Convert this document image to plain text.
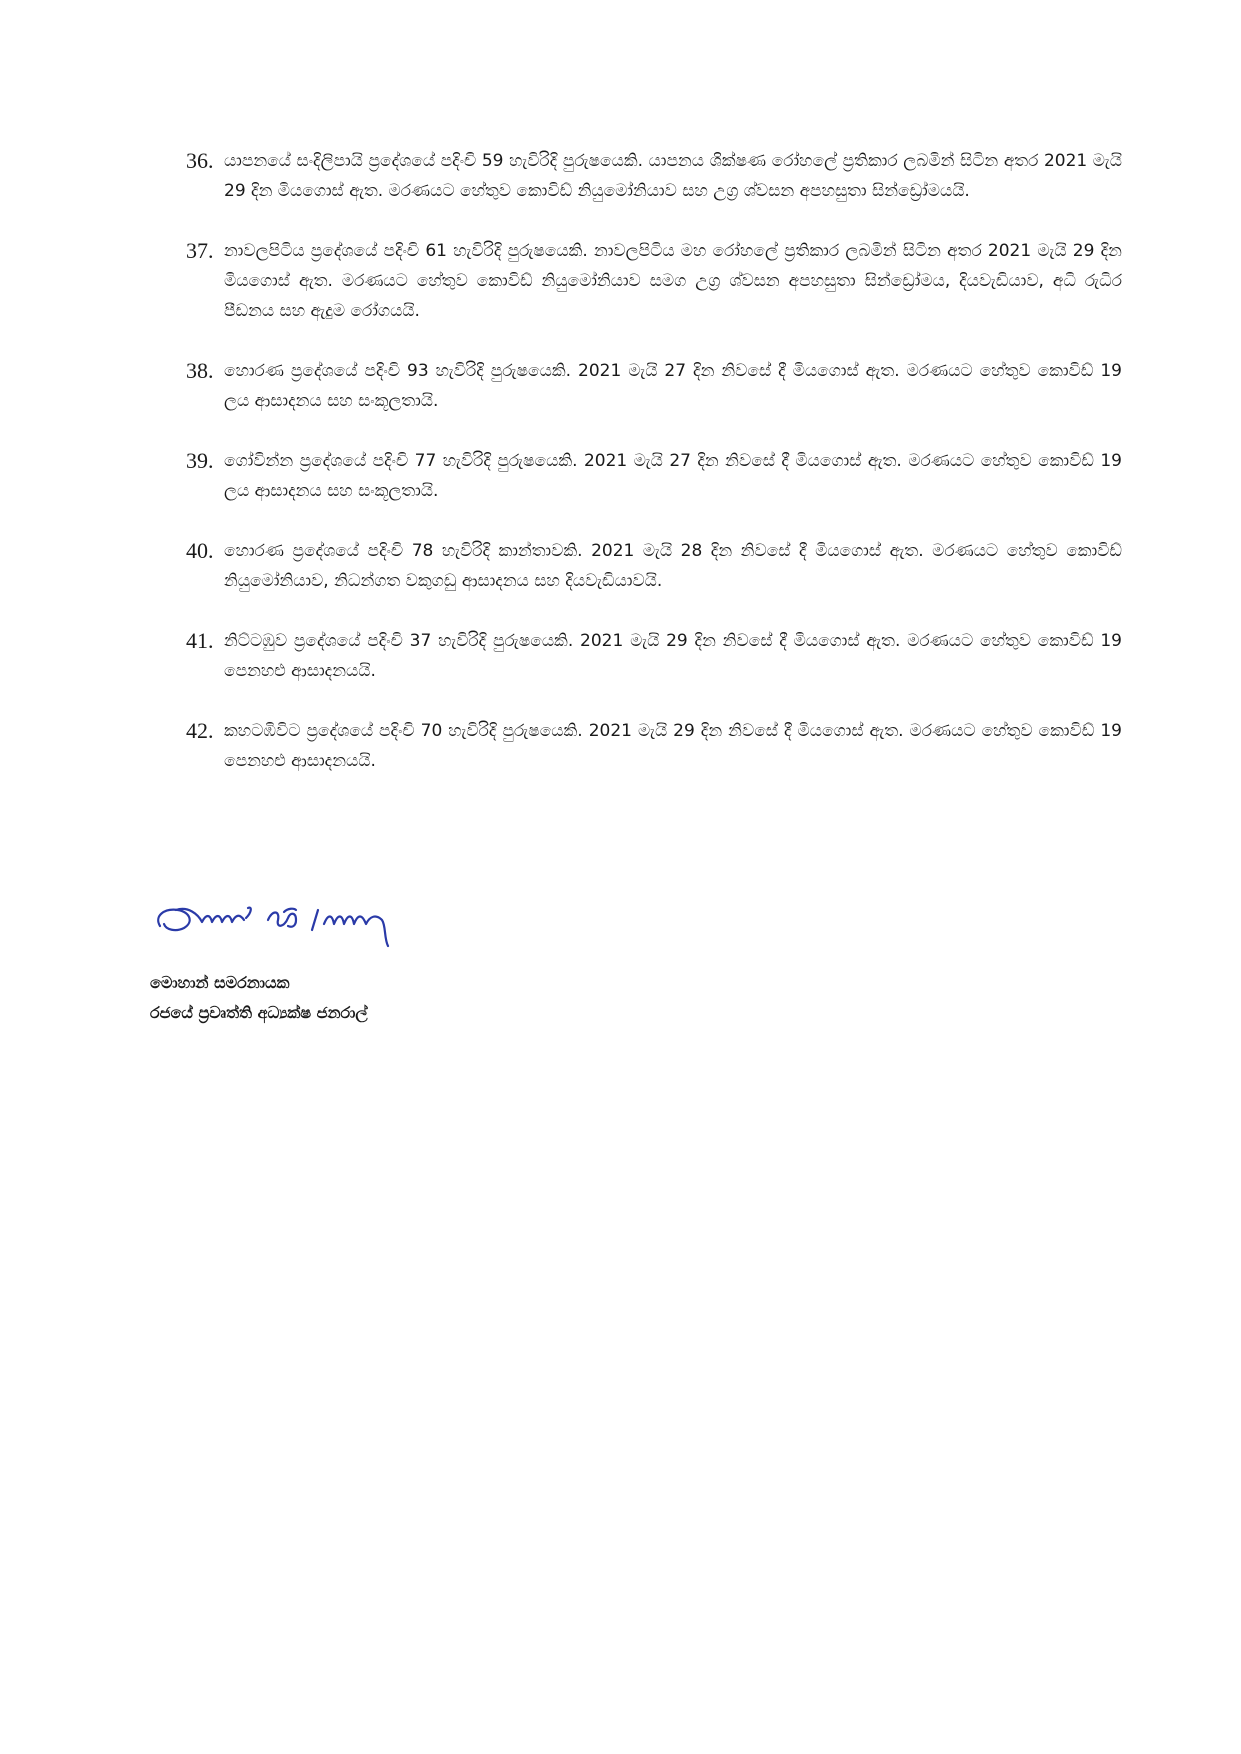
36. යාපනයේ සංදිලිපායි ප්‍රදේශයේ පදිංචි 59 හැවිරිදි පුරුෂයෙකි. යාපනය ශික්ෂණ රෝහලේ ප්‍රතිකාර ලබමින් සිටින අතර 2021 මැයි 29 දින මියගොස් ඇත. මරණයට හේතුව කොවිඩ් නියුමෝනියාව සහ උග්‍ර ශ්වසන අපහසුතා සින්ඩ්‍රෝමයයි.
37. නාවලපිටිය ප්‍රදේශයේ පදිංචි 61 හැවිරිදි පුරුෂයෙකි. නාවලපිටිය මහ රෝහලේ ප්‍රතිකාර ලබමින් සිටින අතර 2021 මැයි 29 දින මියගොස් ඇත. මරණයට හේතුව කොවිඩ් නියුමෝනියාව සමග උග්‍ර ශ්වසන අපහසුතා සින්ඩ්‍රෝමය, දියවැඩියාව, අධි රුධිර පීඩනය සහ ඇදුම රෝගයයි.
38. හොරණ ප්‍රදේශයේ පදිංචි 93 හැවිරිදි පුරුෂයෙකි. 2021 මැයි 27 දින නිවසේ දී මියගොස් ඇත. මරණයට හේතුව කොවිඩ් 19 ලය ආසාදනය සහ සංකූලතායි.
39. ගෝවින්න ප්‍රදේශයේ පදිංචි 77 හැවිරිදි පුරුෂයෙකි. 2021 මැයි 27 දින නිවසේ දී මියගොස් ඇත. මරණයට හේතුව කොවිඩ් 19 ලය ආසාදනය සහ සංකූලතායි.
40. හොරණ ප්‍රදේශයේ පදිංචි 78 හැවිරිදි කාන්තාවකි. 2021 මැයි 28 දින නිවසේ දී මියගොස් ඇත. මරණයට හේතුව කොවිඩ් නියුමෝනියාව, නිධන්ගත වකුගඩු ආසාදනය සහ දියවැඩියාවයි.
41. නිට්ටඹුව ප්‍රදේශයේ පදිංචි 37 හැවිරිදි පුරුෂයෙකි. 2021 මැයි 29 දින නිවසේ දී මියගොස් ඇත. මරණයට හේතුව කොවිඩ් 19 පෙනහළු ආසාදනයයි.
42. කහටඹිවිට ප්‍රදේශයේ පදිංචි 70 හැවිරිදි පුරුෂයෙකි. 2021 මැයි 29 දින නිවසේ දී මියගොස් ඇත. මරණයට හේතුව කොවිඩ් 19 පෙනහළු ආසාදනයයි.
මොහාන් සමරනායක
රජයේ ප්‍රවෘත්ති අධ්‍යක්ෂ ජනරාල්
